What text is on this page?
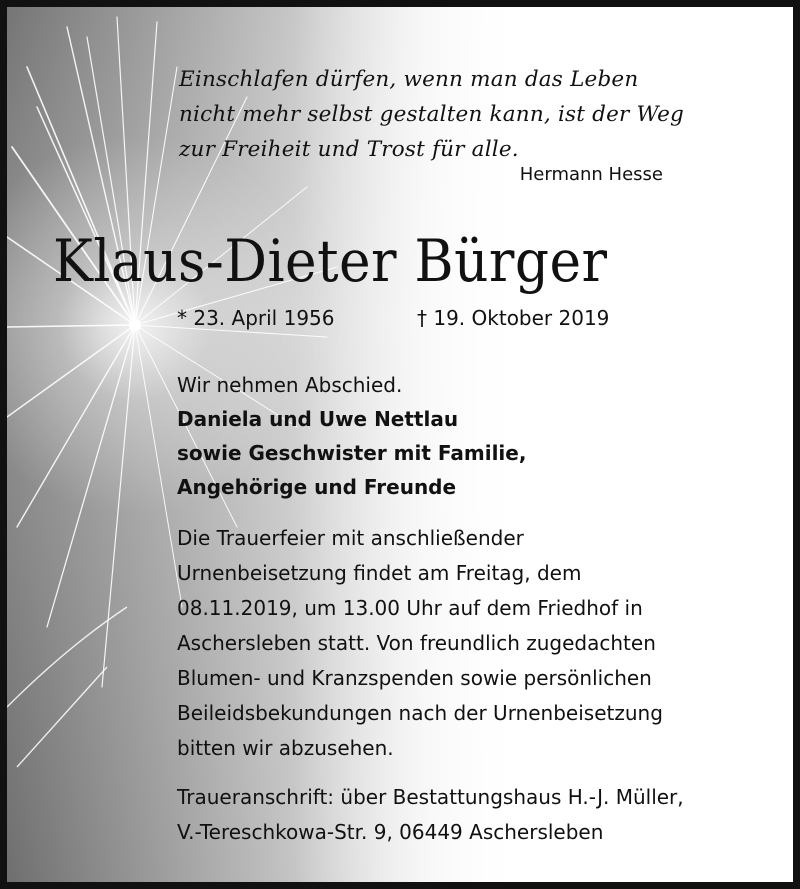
Einschlafen dürfen, wenn man das Leben
nicht mehr selbst gestalten kann, ist der Weg
zur Freiheit und Trost für alle.
Hermann Hesse
Klaus-Dieter Bürger
* 23. April 1956	† 19. Oktober 2019
Wir nehmen Abschied.
Daniela und Uwe Nettlau
sowie Geschwister mit Familie,
Angehörige und Freunde
Die Trauerfeier mit anschließender
Urnenbeisetzung findet am Freitag, dem
08.11.2019, um 13.00 Uhr auf dem Friedhof in
Aschersleben statt. Von freundlich zugedachten
Blumen- und Kranzspenden sowie persönlichen
Beileidsbekundungen nach der Urnenbeisetzung
bitten wir abzusehen.
Traueranschrift: über Bestattungshaus H.-J. Müller,
V.-Tereschkowa-Str. 9, 06449 Aschersleben
